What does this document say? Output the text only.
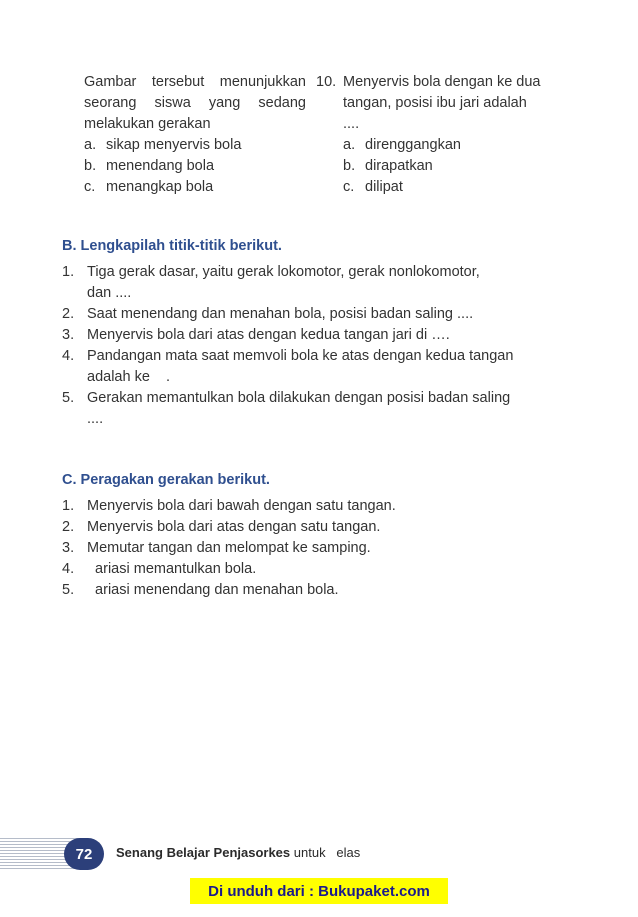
Gambar tersebut menunjukkan seorang siswa yang sedang melakukan gerakan
a. sikap menyervis bola
b. menendang bola
c. menangkap bola
10. Menyervis bola dengan ke dua
tangan, posisi ibu jari adalah
....
a. direnggangkan
b. dirapatkan
c. dilipat
B. Lengkapilah titik-titik berikut.
1. Tiga gerak dasar, yaitu gerak lokomotor, gerak nonlokomotor,
dan ....
2. Saat menendang dan menahan bola, posisi badan saling ....
3. Menyervis bola dari atas dengan kedua tangan jari di ….
4. Pandangan mata saat memvoli bola ke atas dengan kedua tangan
adalah ke    .
5. Gerakan memantulkan bola dilakukan dengan posisi badan saling
....
C. Peragakan gerakan berikut.
1. Menyervis bola dari bawah dengan satu tangan.
2. Menyervis bola dari atas dengan satu tangan.
3. Memutar tangan dan melompat ke samping.
4. ariasi memantulkan bola.
5. ariasi menendang dan menahan bola.
72 Senang Belajar Penjasorkes untuk   elas
Di unduh dari : Bukupaket.com
